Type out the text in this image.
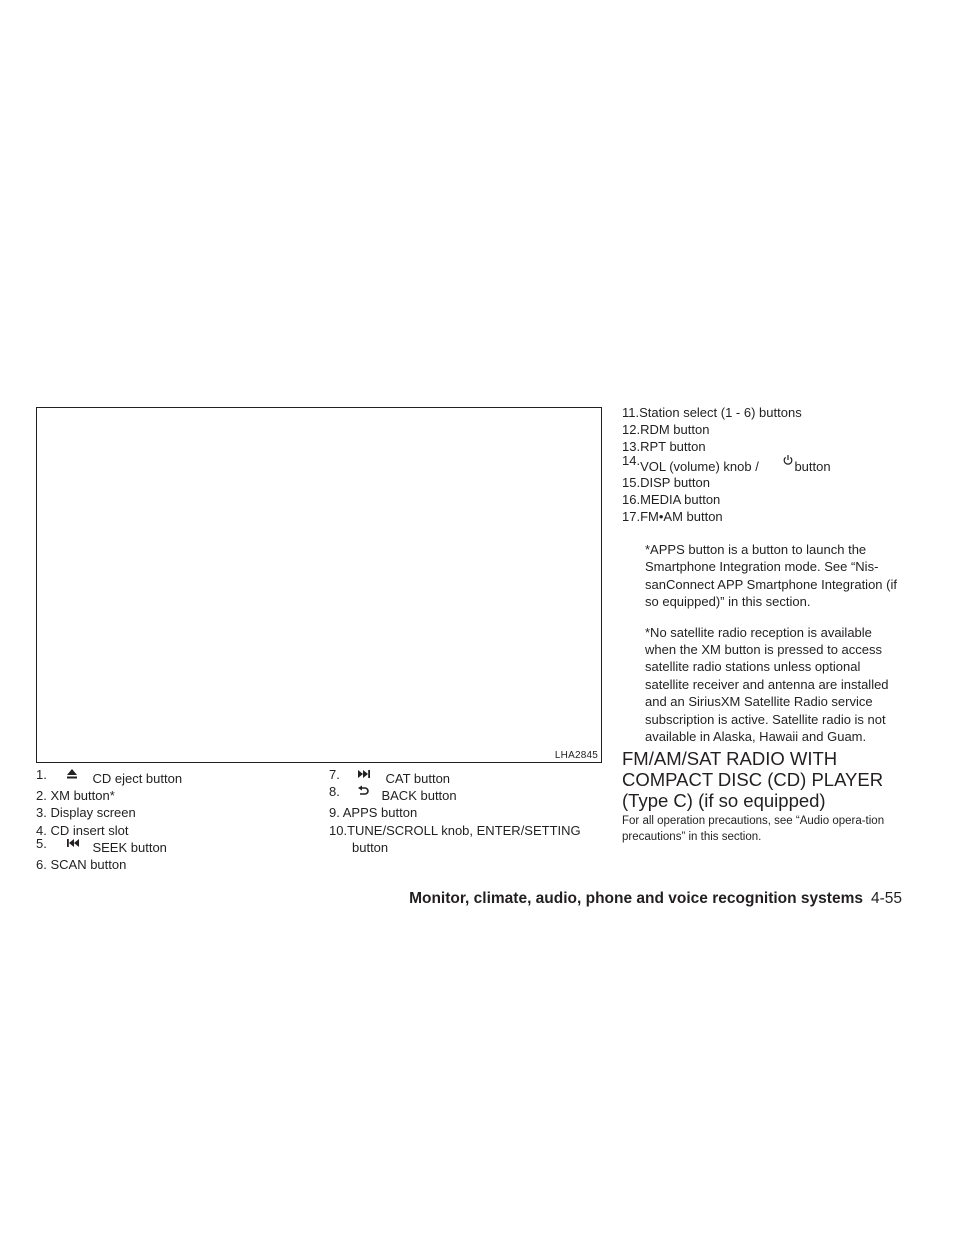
LHA2845
1.	CD eject button
2. XM button*
3. Display screen
4. CD insert slot
5.	SEEK button
6. SCAN button
7.	CAT button
8.	BACK button
9. APPS button
10.TUNE/SCROLL knob, ENTER/SETTING
button
11.Station select (1 - 6) buttons
12.RDM button
13.RPT button
14.VOL (volume) knob /	button
15.DISP button
16.MEDIA button
17.FM•AM button

*APPS button is a button to launch the Smartphone Integration mode. See “Nis-sanConnect APP Smartphone Integration (if so equipped)” in this section.

*No satellite radio reception is available when the XM button is pressed to access satellite radio stations unless optional satellite receiver and antenna are installed and an SiriusXM Satellite Radio service subscription is active. Satellite radio is not available in Alaska, Hawaii and Guam.

FM/AM/SAT RADIO WITH COMPACT DISC (CD) PLAYER (Type C) (if so equipped)

For all operation precautions, see “Audio opera-tion precautions” in this section.

Monitor, climate, audio, phone and voice recognition systems 4-55
